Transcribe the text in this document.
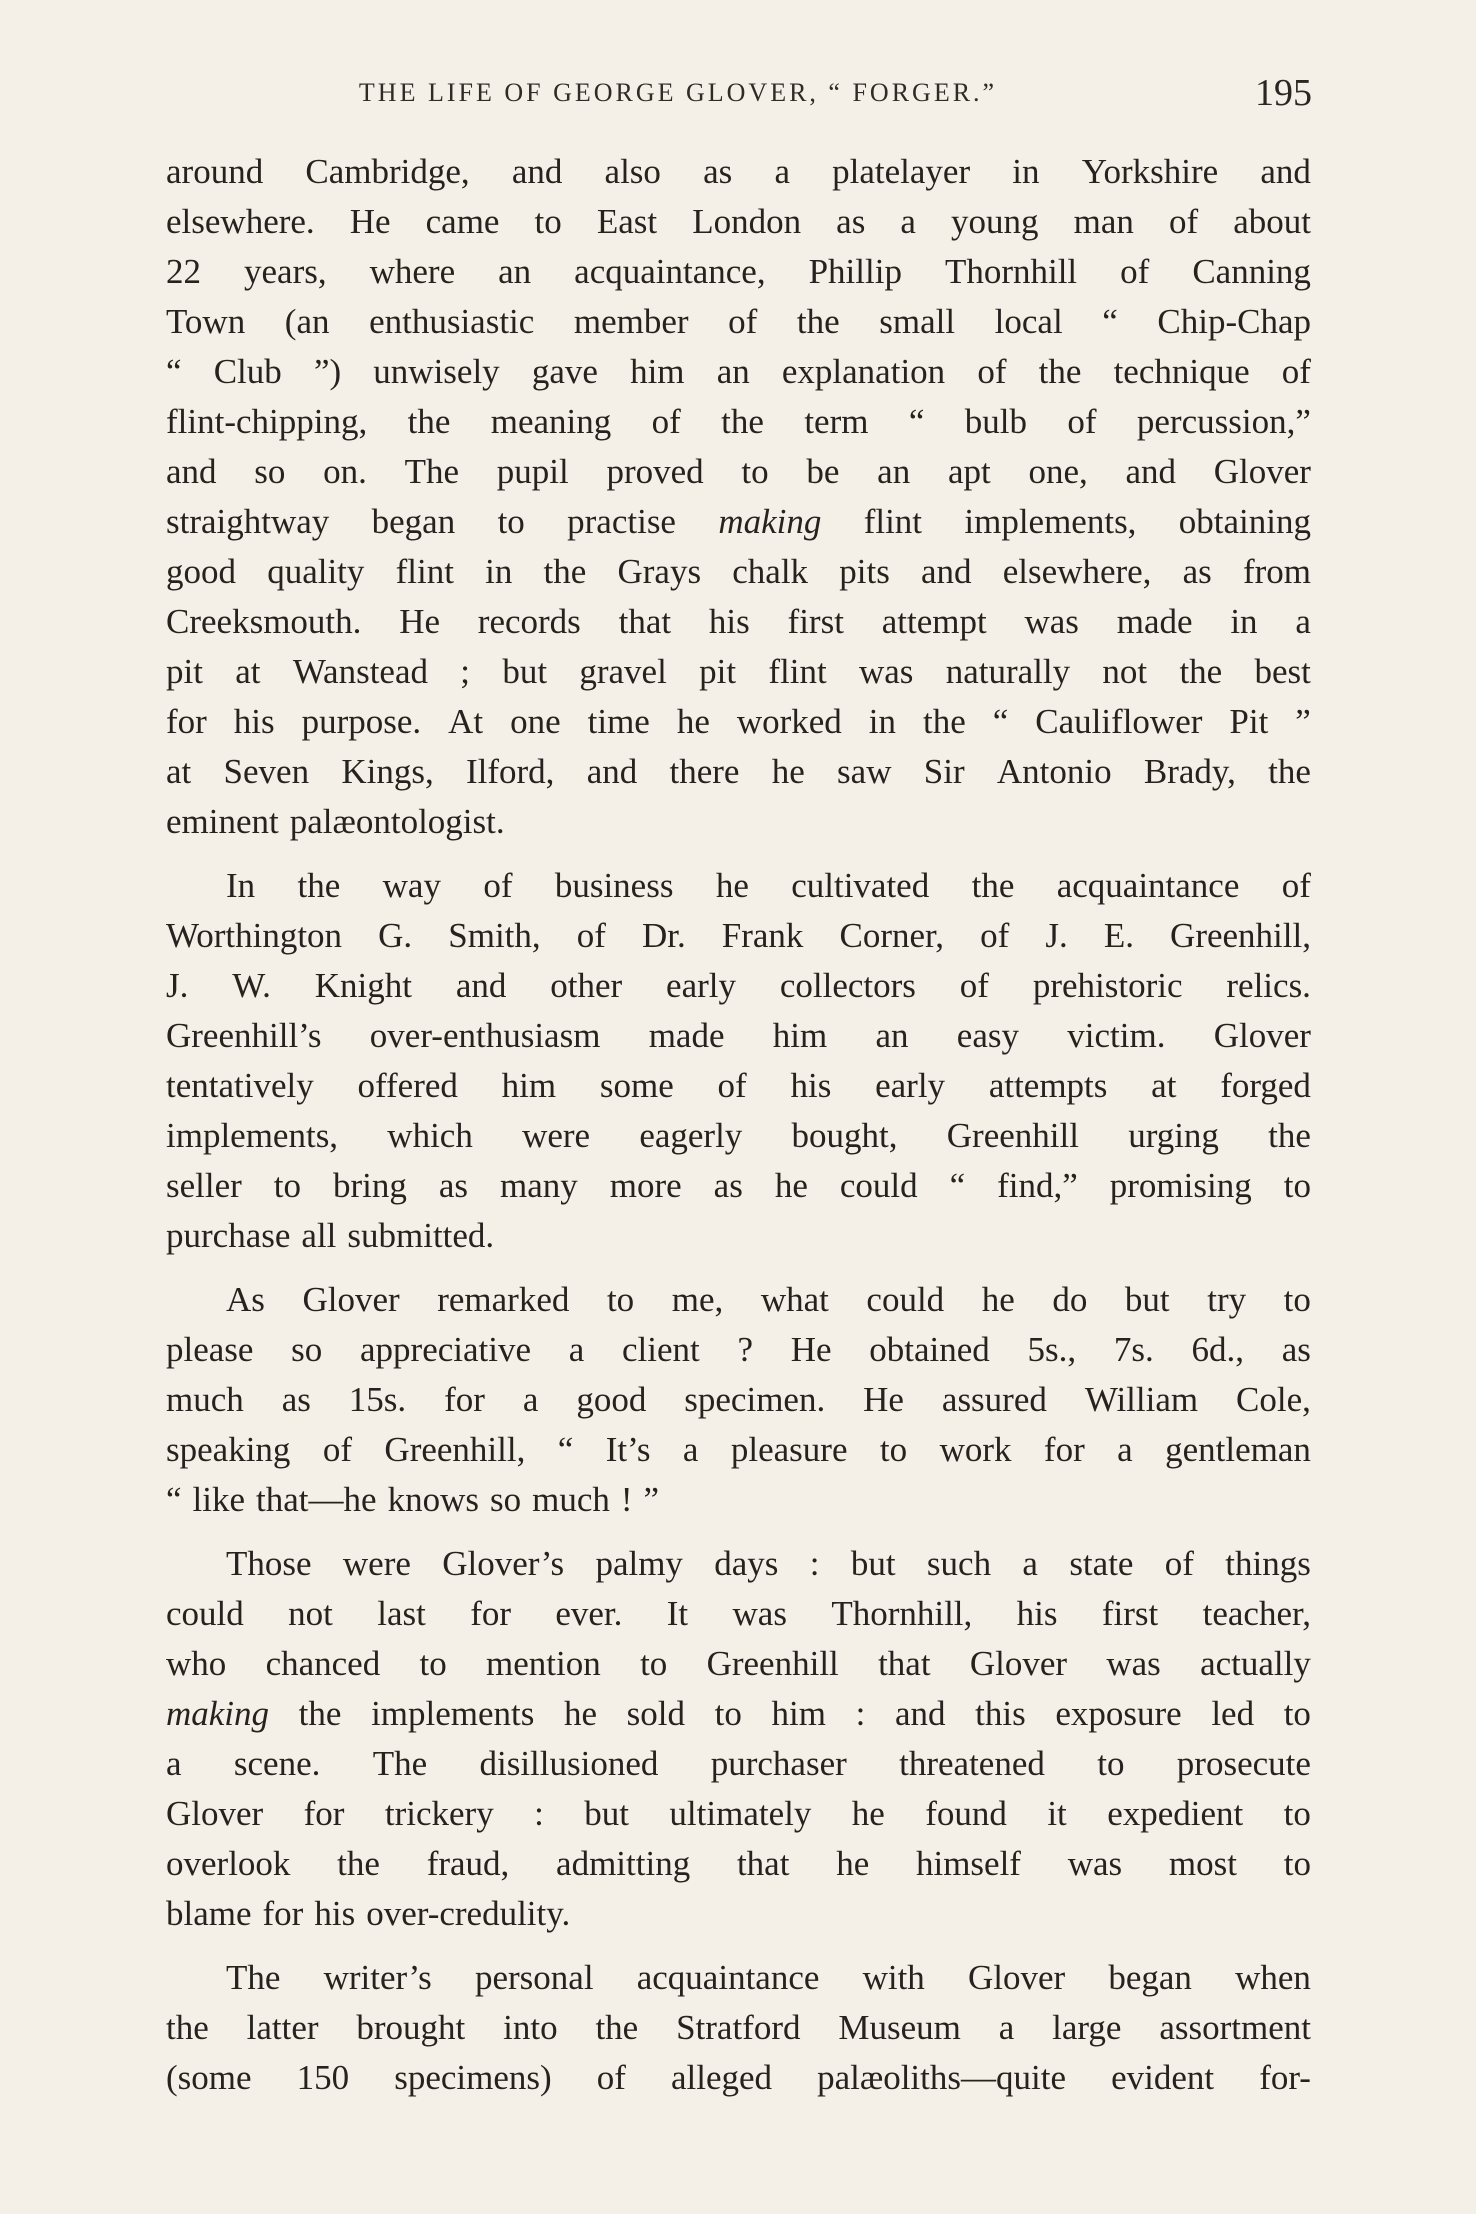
THE LIFE OF GEORGE GLOVER, “ FORGER.”	195
around Cambridge, and also as a platelayer in Yorkshire and
elsewhere. He came to East London as a young man of about
22 years, where an acquaintance, Phillip Thornhill of Canning
Town (an enthusiastic member of the small local “ Chip-Chap
“ Club ”) unwisely gave him an explanation of the technique of
flint-chipping, the meaning of the term “ bulb of percussion,”
and so on. The pupil proved to be an apt one, and Glover
straightway began to practise making flint implements, obtaining
good quality flint in the Grays chalk pits and elsewhere, as from
Creeksmouth. He records that his first attempt was made in a
pit at Wanstead ; but gravel pit flint was naturally not the best
for his purpose. At one time he worked in the “ Cauliflower Pit ”
at Seven Kings, Ilford, and there he saw Sir Antonio Brady, the
eminent palæontologist.
In the way of business he cultivated the acquaintance of
Worthington G. Smith, of Dr. Frank Corner, of J. E. Greenhill,
J. W. Knight and other early collectors of prehistoric relics.
Greenhill’s over-enthusiasm made him an easy victim. Glover
tentatively offered him some of his early attempts at forged
implements, which were eagerly bought, Greenhill urging the
seller to bring as many more as he could “ find,” promising to
purchase all submitted.
As Glover remarked to me, what could he do but try to
please so appreciative a client ? He obtained 5s., 7s. 6d., as
much as 15s. for a good specimen. He assured William Cole,
speaking of Greenhill, “ It’s a pleasure to work for a gentleman
“ like that—he knows so much ! ”
Those were Glover’s palmy days : but such a state of things
could not last for ever. It was Thornhill, his first teacher,
who chanced to mention to Greenhill that Glover was actually
making the implements he sold to him : and this exposure led to
a scene. The disillusioned purchaser threatened to prosecute
Glover for trickery : but ultimately he found it expedient to
overlook the fraud, admitting that he himself was most to
blame for his over-credulity.
The writer’s personal acquaintance with Glover began when
the latter brought into the Stratford Museum a large assortment
(some 150 specimens) of alleged palæoliths—quite evident for-
